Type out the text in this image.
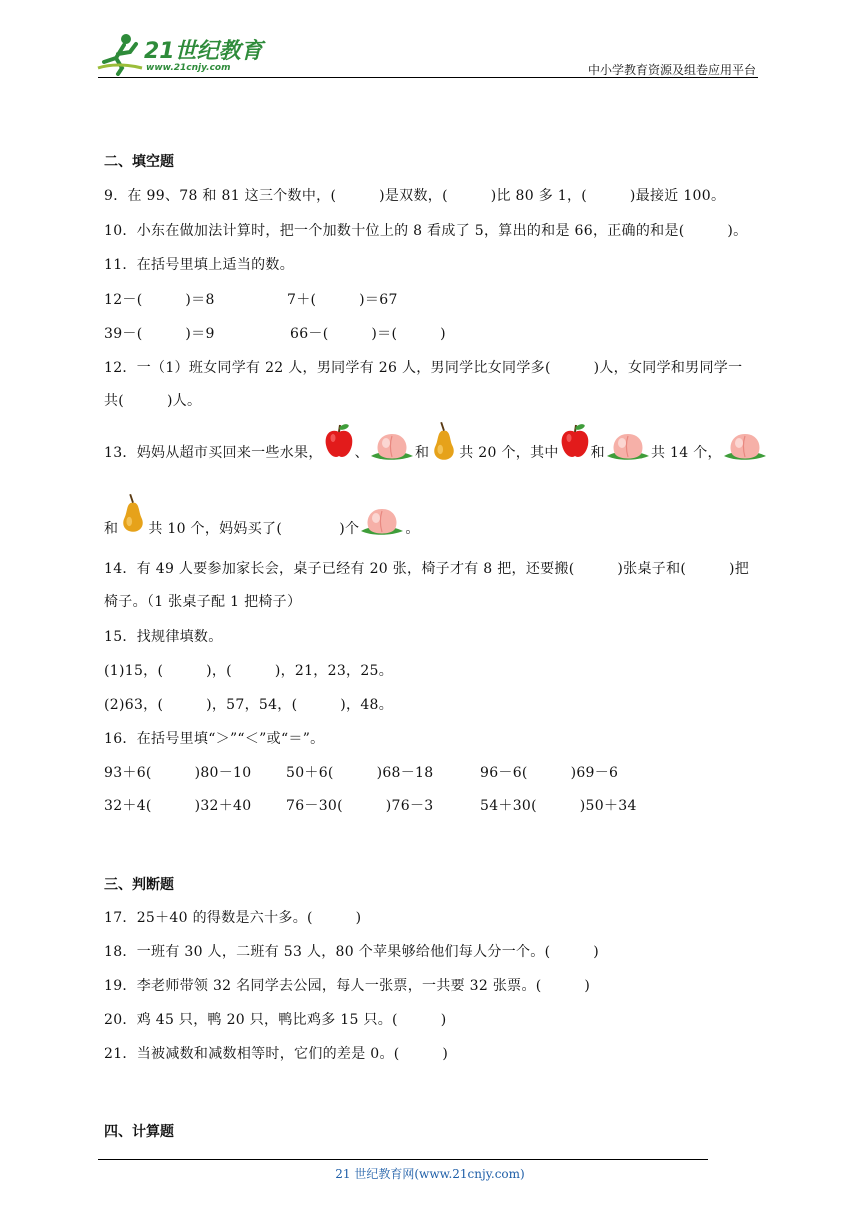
21世纪教育
www.21cnjy.com	中小学教育资源及组卷应用平台
二、填空题
9．在 99、78 和 81 这三个数中，(　　　)是双数，(　　　)比 80 多 1，(　　　)最接近 100。
10．小东在做加法计算时，把一个加数十位上的 8 看成了 5，算出的和是 66，正确的和是(　　　)。
11．在括号里填上适当的数。
12－(　　　)＝8	7＋(　　　)＝67
39－(　　　)＝9	66－(　　　)＝(　　　)
12．一（1）班女同学有 22 人，男同学有 26 人，男同学比女同学多(　　　)人，女同学和男同学一
共(　　　)人。
13．妈妈从超市买回来一些水果， 、	和 共 20 个，其中 和	共 14 个，
和 共 10 个，妈妈买了(　　　　)个	。
14．有 49 人要参加家长会，桌子已经有 20 张，椅子才有 8 把，还要搬(　　　)张桌子和(　　　)把
椅子。（1 张桌子配 1 把椅子）
15．找规律填数。
(1)15，(　　　)，(　　　)，21，23，25。
(2)63，(　　　)，57，54，(　　　)，48。
16．在括号里填“＞”“＜”或“＝”。
93＋6(　　　)80－10 50＋6(　　　)68－18	96－6(　　　)69－6
32＋4(　　　)32＋40 76－30(　　　)76－3	54＋30(　　　)50＋34
三、判断题
17．25＋40 的得数是六十多。(　　　)
18．一班有 30 人，二班有 53 人，80 个苹果够给他们每人分一个。(　　　)
19．李老师带领 32 名同学去公园，每人一张票，一共要 32 张票。(　　　)
20．鸡 45 只，鸭 20 只，鸭比鸡多 15 只。(　　　)
21．当被减数和减数相等时，它们的差是 0。(　　　)
四、计算题
21 世纪教育网(www.21cnjy.com)
